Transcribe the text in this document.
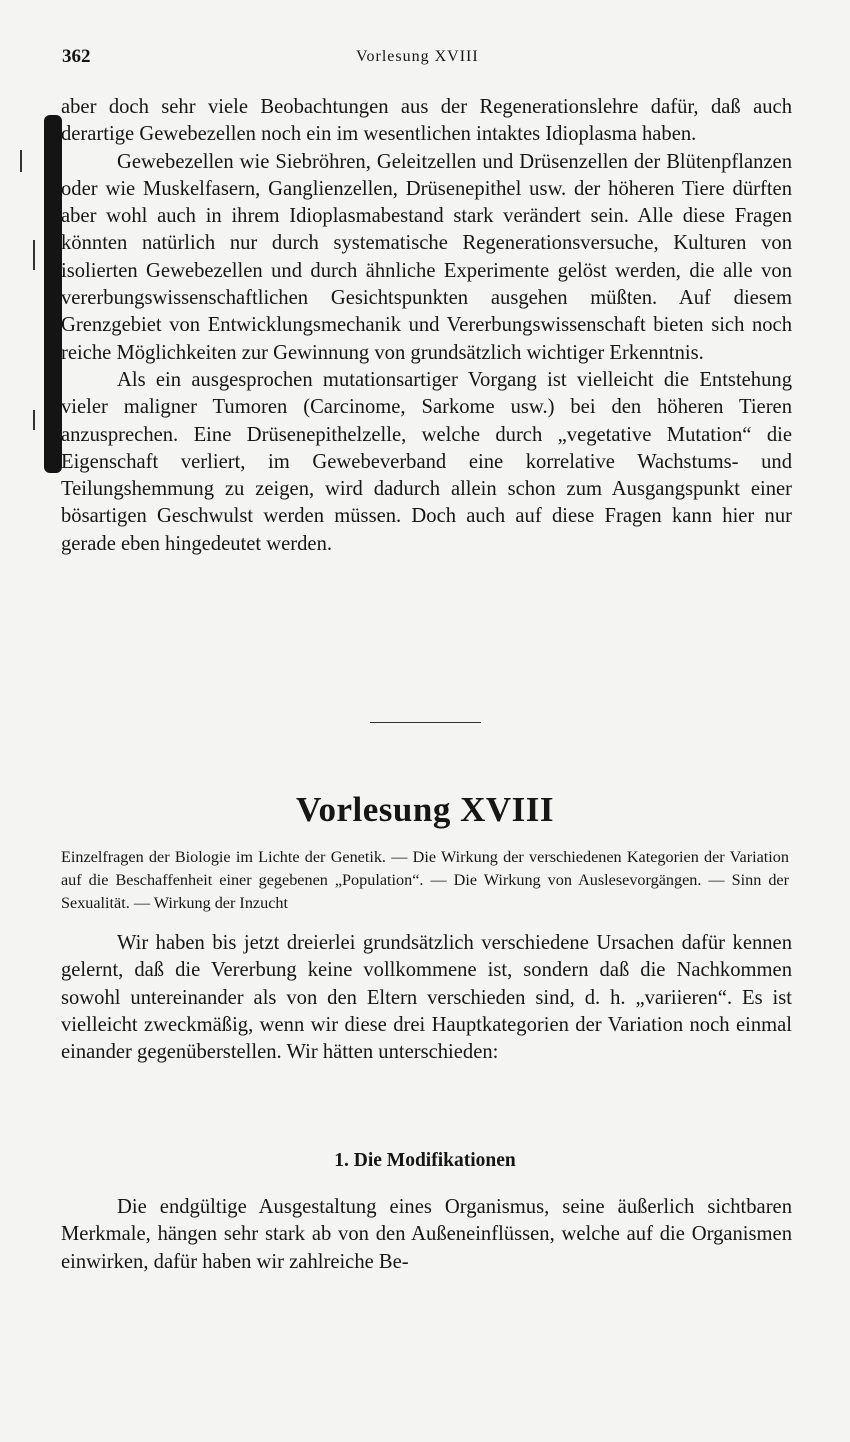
362	Vorlesung XVIII

aber doch sehr viele Beobachtungen aus der Regenerationslehre dafür, daß auch derartige Gewebezellen noch ein im wesentlichen intaktes Idioplasma haben.

Gewebezellen wie Siebröhren, Geleitzellen und Drüsenzellen der Blütenpflanzen oder wie Muskelfasern, Ganglienzellen, Drüsenepithel usw. der höheren Tiere dürften aber wohl auch in ihrem Idioplasmabestand stark verändert sein. Alle diese Fragen könnten natürlich nur durch systematische Regenerationsversuche, Kulturen von isolierten Gewebezellen und durch ähnliche Experimente gelöst werden, die alle von vererbungswissenschaftlichen Gesichtspunkten ausgehen müßten. Auf diesem Grenzgebiet von Entwicklungsmechanik und Vererbungswissenschaft bieten sich noch reiche Möglichkeiten zur Gewinnung von grundsätzlich wichtiger Erkenntnis.

Als ein ausgesprochen mutationsartiger Vorgang ist vielleicht die Entstehung vieler maligner Tumoren (Carcinome, Sarkome usw.) bei den höheren Tieren anzusprechen. Eine Drüsenepithelzelle, welche durch „vegetative Mutation“ die Eigenschaft verliert, im Gewebeverband eine korrelative Wachstums- und Teilungshemmung zu zeigen, wird dadurch allein schon zum Ausgangspunkt einer bösartigen Geschwulst werden müssen. Doch auch auf diese Fragen kann hier nur gerade eben hingedeutet werden.

Vorlesung XVIII
Einzelfragen der Biologie im Lichte der Genetik. — Die Wirkung der verschiedenen Kategorien der Variation auf die Beschaffenheit einer gegebenen „Population“. — Die Wirkung von Auslesevorgängen. — Sinn der Sexualität. — Wirkung der Inzucht

Wir haben bis jetzt dreierlei grundsätzlich verschiedene Ursachen dafür kennen gelernt, daß die Vererbung keine vollkommene ist, sondern daß die Nachkommen sowohl untereinander als von den Eltern verschieden sind, d. h. „variieren“. Es ist vielleicht zweckmäßig, wenn wir diese drei Hauptkategorien der Variation noch einmal einander gegenüberstellen. Wir hätten unterschieden:

1. Die Modifikationen

Die endgültige Ausgestaltung eines Organismus, seine äußerlich sichtbaren Merkmale, hängen sehr stark ab von den Außeneinflüssen, welche auf die Organismen einwirken, dafür haben wir zahlreiche Be-
